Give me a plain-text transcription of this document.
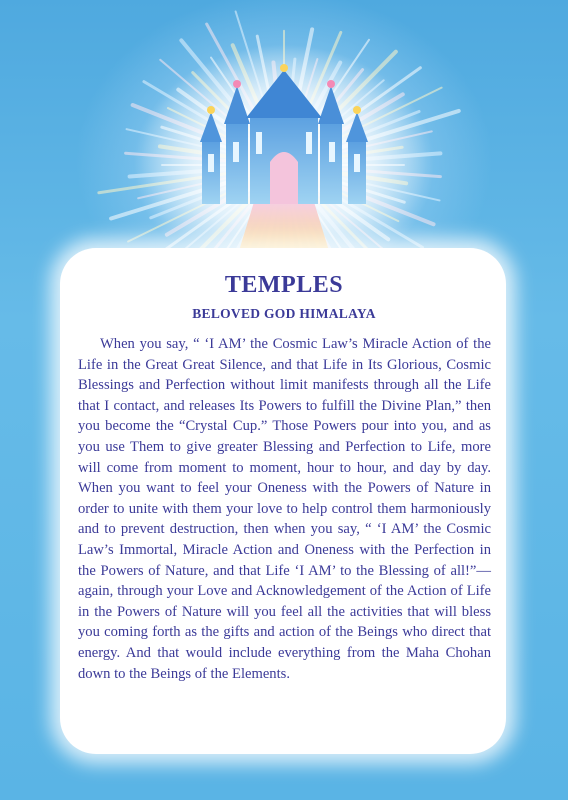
TEMPLES
BELOVED GOD HIMALAYA

When you say, “ ‘I AM’ the Cosmic Law’s Miracle Action of the Life in the Great Great Silence, and that Life in Its Glorious, Cosmic Blessings and Perfection without limit manifests through all the Life that I contact, and releases Its Powers to fulfill the Divine Plan,” then you become the “Crystal Cup.” Those Powers pour into you, and as you use Them to give greater Blessing and Perfection to Life, more will come from moment to moment, hour to hour, and day by day. When you want to feel your Oneness with the Powers of Nature in order to unite with them your love to help control them harmoniously and to prevent destruction, then when you say, “ ‘I AM’ the Cosmic Law’s Immortal, Miracle Action and Oneness with the Perfection in the Powers of Nature, and that Life ‘I AM’ to the Blessing of all!”—again, through your Love and Acknowledgement of the Action of Life in the Powers of Nature will you feel all the activities that will bless you coming forth as the gifts and action of the Beings who direct that energy. And that would include everything from the Maha Chohan down to the Beings of the Elements.
